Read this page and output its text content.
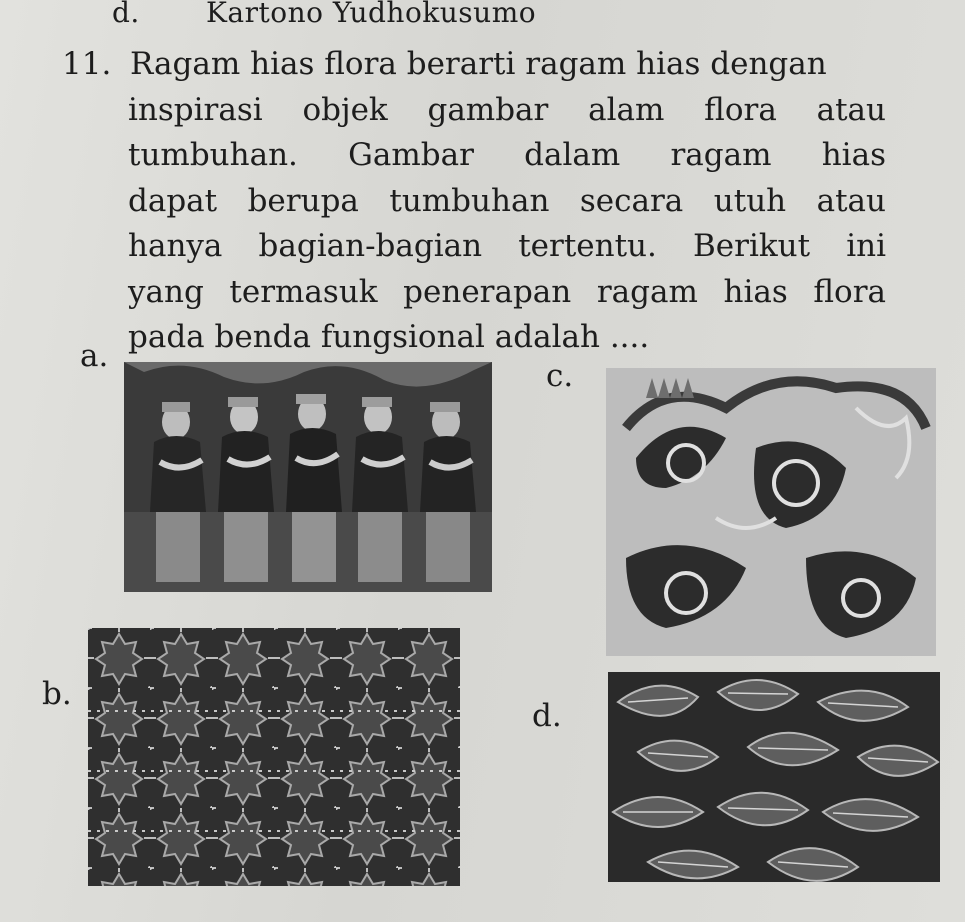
d. Kartono Yudhokusumo
11. Ragam hias flora berarti ragam hias dengan
inspirasi objek gambar alam flora atau
tumbuhan. Gambar dalam ragam hias
dapat berupa tumbuhan secara utuh atau
hanya bagian-bagian tertentu. Berikut ini
yang termasuk penerapan ragam hias flora
pada benda fungsional adalah ....
a.
b.
c.
d.
